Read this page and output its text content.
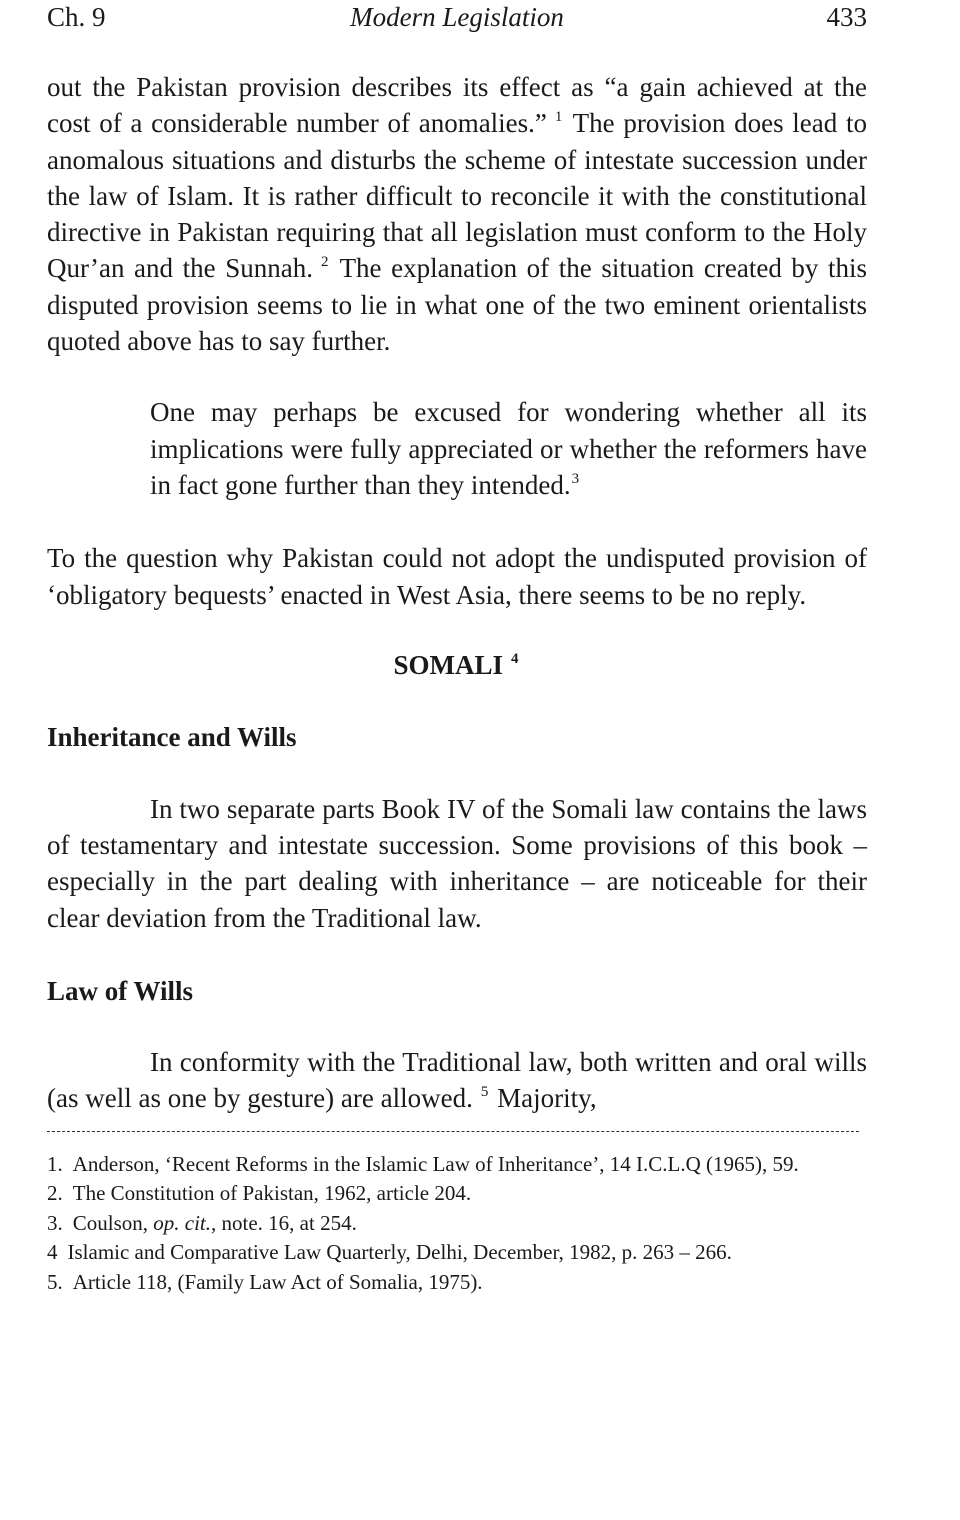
Ch. 9	Modern Legislation	433

out the Pakistan provision describes its effect as “a gain achieved at the cost of a considerable number of anomalies.” $^1$ The provision does lead to anomalous situations and disturbs the scheme of intestate succession under the law of Islam. It is rather difficult to reconcile it with the constitutional directive in Pakistan requiring that all legislation must conform to the Holy Qur’an and the Sunnah. $^2$ The explanation of the situation created by this disputed provision seems to lie in what one of the two eminent orientalists quoted above has to say further.

One may perhaps be excused for wondering whether all its implications were fully appreciated or whether the reformers have in fact gone further than they intended.$^3$

To the question why Pakistan could not adopt the undisputed provision of ‘obligatory bequests’ enacted in West Asia, there seems to be no reply.

SOMALI $^4$
Inheritance and Wills

In two separate parts Book IV of the Somali law contains the laws of testamentary and intestate succession. Some provisions of this book – especially in the part dealing with inheritance – are noticeable for their clear deviation from the Traditional law.

Law of Wills

In conformity with the Traditional law, both written and oral wills (as well as one by gesture) are allowed. $^5$ Majority,

1. Anderson, ‘Recent Reforms in the Islamic Law of Inheritance’, 14 I.C.L.Q (1965), 59.

2. The Constitution of Pakistan, 1962, article 204.

3. Coulson, op. cit., note. 16, at 254.

4 Islamic and Comparative Law Quarterly, Delhi, December, 1982, p. 263 – 266.

5. Article 118, (Family Law Act of Somalia, 1975).
